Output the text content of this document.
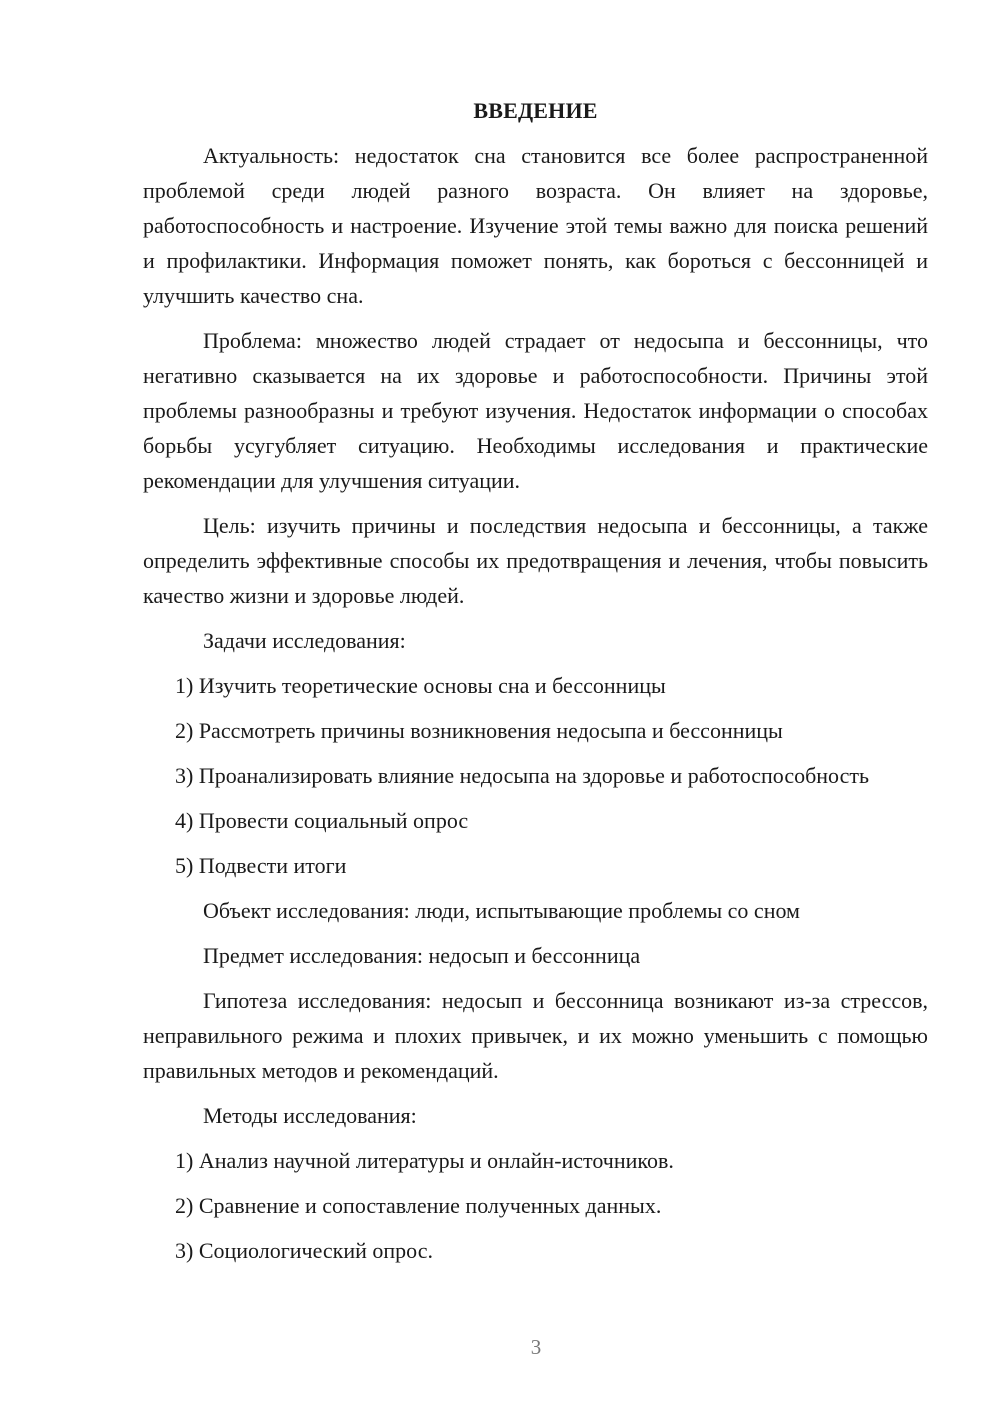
ВВЕДЕНИЕ

Актуальность: недостаток сна становится все более распространенной проблемой среди людей разного возраста. Он влияет на здоровье, работоспособность и настроение. Изучение этой темы важно для поиска решений и профилактики. Информация поможет понять, как бороться с бессонницей и улучшить качество сна.

Проблема: множество людей страдает от недосыпа и бессонницы, что негативно сказывается на их здоровье и работоспособности. Причины этой проблемы разнообразны и требуют изучения. Недостаток информации о способах борьбы усугубляет ситуацию. Необходимы исследования и практические рекомендации для улучшения ситуации.

Цель: изучить причины и последствия недосыпа и бессонницы, а также определить эффективные способы их предотвращения и лечения, чтобы повысить качество жизни и здоровье людей.

Задачи исследования:

1) Изучить теоретические основы сна и бессонницы

2) Рассмотреть причины возникновения недосыпа и бессонницы

3) Проанализировать влияние недосыпа на здоровье и работоспособность

4) Провести социальный опрос

5) Подвести итоги

Объект исследования: люди, испытывающие проблемы со сном

Предмет исследования: недосып и бессонница

Гипотеза исследования: недосып и бессонница возникают из-за стрессов, неправильного режима и плохих привычек, и их можно уменьшить с помощью правильных методов и рекомендаций.

Методы исследования:

1) Анализ научной литературы и онлайн-источников.

2) Сравнение и сопоставление полученных данных.

3) Социологический опрос.

3
